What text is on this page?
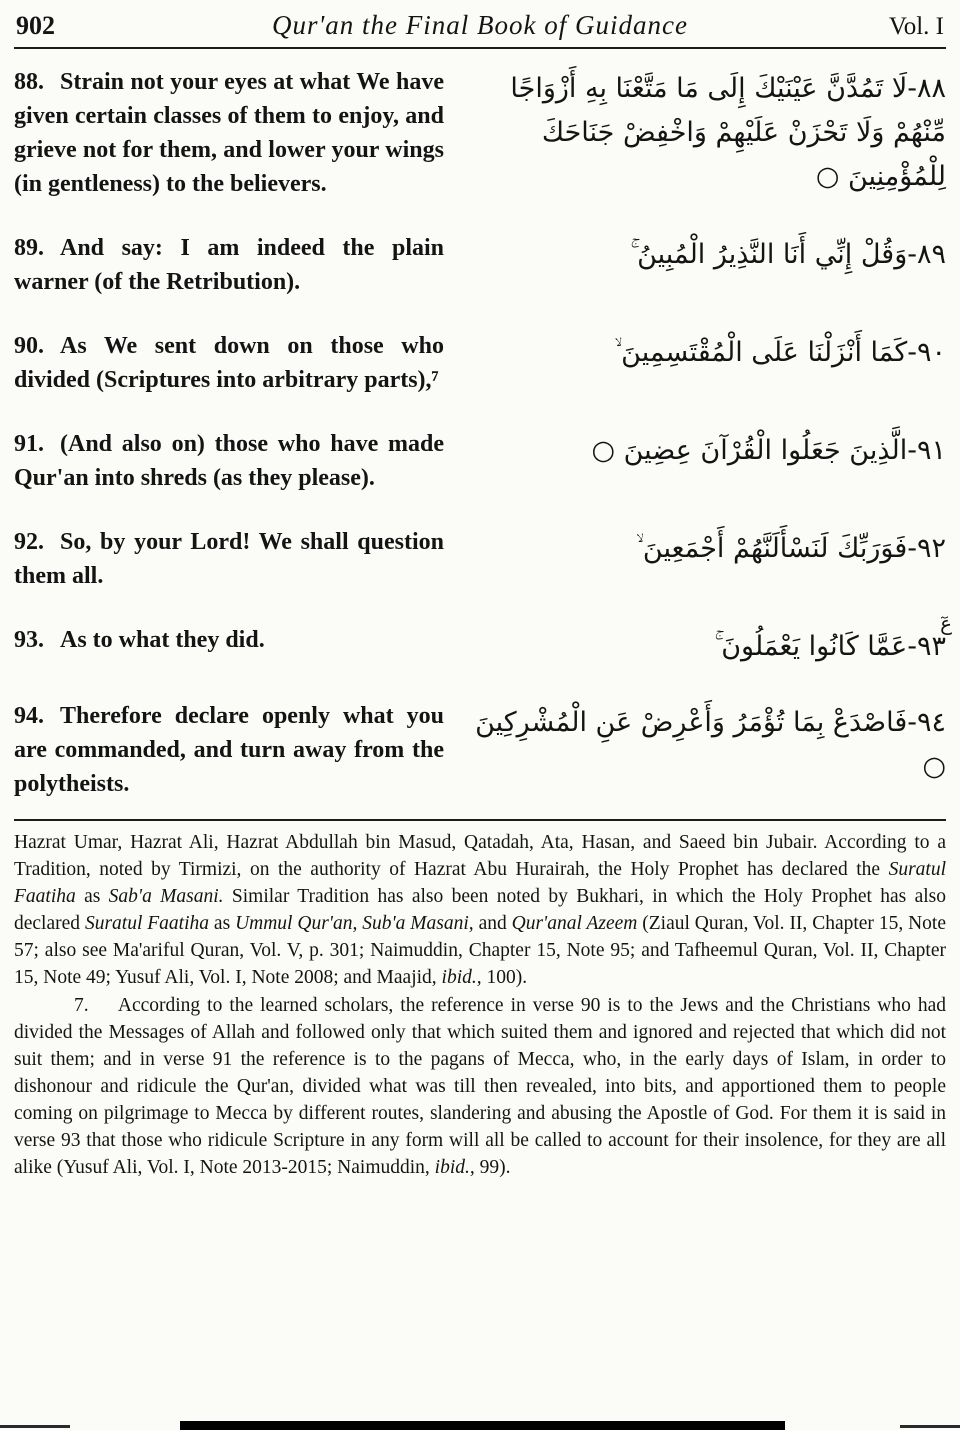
902	Qur'an the Final Book of Guidance	Vol. I

88. Strain not your eyes at what We have given certain classes of them to enjoy, and grieve not for them, and lower your wings (in gentleness) to the believers.

٨٨-لَا تَمُدَّنَّ عَيْنَيْكَ إِلَى مَا مَتَّعْنَا بِهِ أَزْوَاجًا مِّنْهُمْ وَلَا تَحْزَنْ عَلَيْهِمْ وَاخْفِضْ جَنَاحَكَ لِلْمُؤْمِنِينَ ○

89. And say: I am indeed the plain warner (of the Retribution).

٨٩-وَقُلْ إِنِّي أَنَا النَّذِيرُ الْمُبِينُ ۚ

90. As We sent down on those who divided (Scriptures into arbitrary parts),⁷

٩٠-كَمَا أَنْزَلْنَا عَلَى الْمُقْتَسِمِينَ ۙ

91. (And also on) those who have made Qur'an into shreds (as they please).

٩١-الَّذِينَ جَعَلُوا الْقُرْآنَ عِضِينَ ○

92. So, by your Lord! We shall question them all.

٩٢-فَوَرَبِّكَ لَنَسْأَلَنَّهُمْ أَجْمَعِينَ ۙ

93. As to what they did.	٩٣-عَمَّا كَانُوا يَعْمَلُونَ ۚ
عٓ

94. Therefore declare openly what you are commanded, and turn away from the polytheists.

٩٤-فَاصْدَعْ بِمَا تُؤْمَرُ وَأَعْرِضْ عَنِ الْمُشْرِكِينَ ○

Hazrat Umar, Hazrat Ali, Hazrat Abdullah bin Masud, Qatadah, Ata, Hasan, and Saeed bin Jubair. According to a Tradition, noted by Tirmizi, on the authority of Hazrat Abu Hurairah, the Holy Prophet has declared the Suratul Faatiha as Sab'a Masani. Similar Tradition has also been noted by Bukhari, in which the Holy Prophet has also declared Suratul Faatiha as Ummul Qur'an, Sub'a Masani, and Qur'anal Azeem (Ziaul Quran, Vol. II, Chapter 15, Note 57; also see Ma'ariful Quran, Vol. V, p. 301; Naimuddin, Chapter 15, Note 95; and Tafheemul Quran, Vol. II, Chapter 15, Note 49; Yusuf Ali, Vol. I, Note 2008; and Maajid, ibid., 100).

7.  According to the learned scholars, the reference in verse 90 is to the Jews and the Christians who had divided the Messages of Allah and followed only that which suited them and ignored and rejected that which did not suit them; and in verse 91 the reference is to the pagans of Mecca, who, in the early days of Islam, in order to dishonour and ridicule the Qur'an, divided what was till then revealed, into bits, and apportioned them to people coming on pilgrimage to Mecca by different routes, slandering and abusing the Apostle of God. For them it is said in verse 93 that those who ridicule Scripture in any form will all be called to account for their insolence, for they are all alike (Yusuf Ali, Vol. I, Note 2013-2015; Naimuddin, ibid., 99).
